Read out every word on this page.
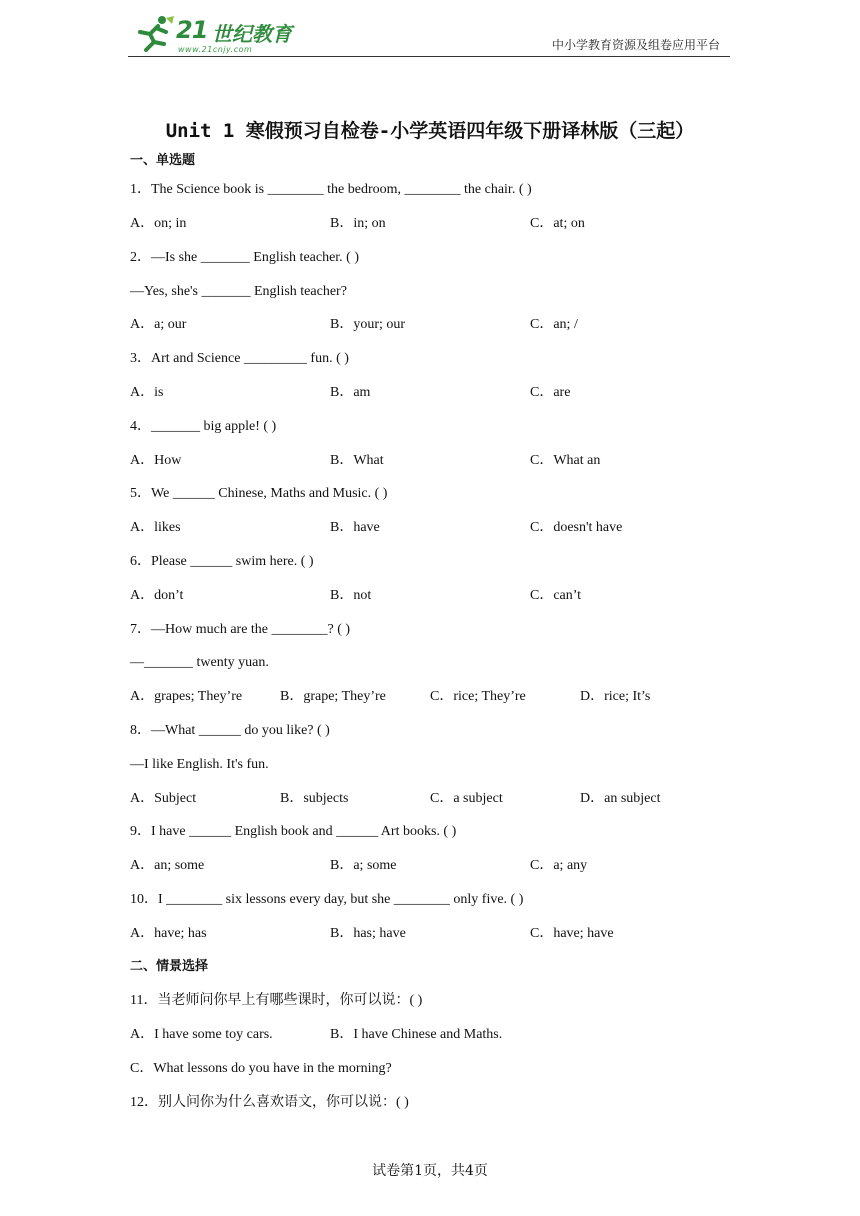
21 世纪教育
www.21cnjy.com	中小学教育资源及组卷应用平台
Unit 1 寒假预习自检卷-小学英语四年级下册译林版（三起）
一、单选题
1．The Science book is ________ the bedroom, ________ the chair. ( )
A．on; in	B．in; on	C．at; on
2．—Is she _______ English teacher. ( )
—Yes, she's _______ English teacher?
A．a; our	B．your; our	C．an; /
3．Art and Science _________ fun. ( )
A．is	B．am	C．are
4．_______ big apple! ( )
A．How	B．What	C．What an
5．We ______ Chinese, Maths and Music. ( )
A．likes	B．have	C．doesn't have
6．Please ______ swim here. ( )
A．don’t	B．not	C．can’t
7．—How much are the ________? ( )
—_______ twenty yuan.
A．grapes; They’re	B．grape; They’re	C．rice; They’re	D．rice; It’s
8．—What ______ do you like? ( )
—I like English. It's fun.
A．Subject	B．subjects	C．a subject	D．an subject
9．I have ______ English book and ______ Art books. ( )
A．an; some	B．a; some	C．a; any
10．I ________ six lessons every day, but she ________ only five. ( )
A．have; has	B．has; have	C．have; have
二、情景选择
11．当老师问你早上有哪些课时，你可以说：( )
A．I have some toy cars.	B．I have Chinese and Maths.
C．What lessons do you have in the morning?
12．别人问你为什么喜欢语文，你可以说：( )
试卷第1页，共4页
